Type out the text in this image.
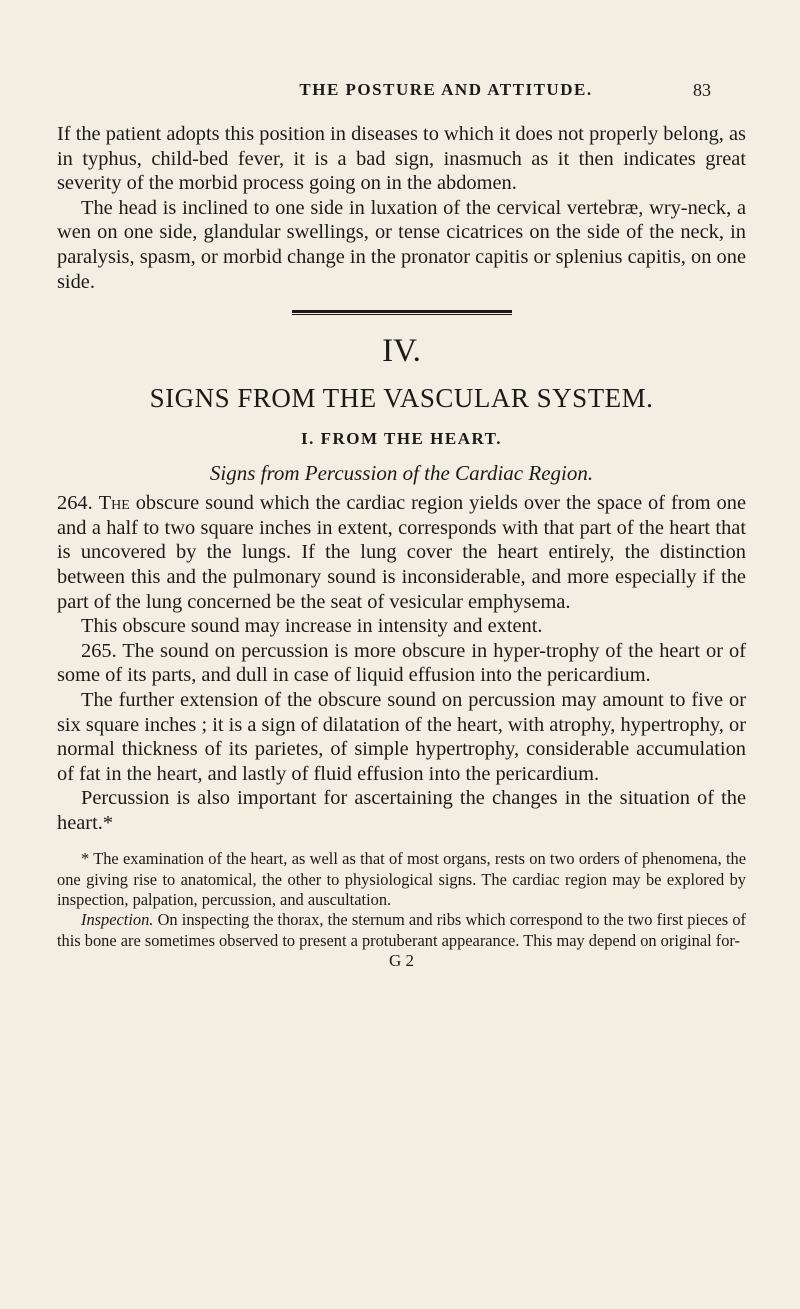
THE POSTURE AND ATTITUDE.	83

If the patient adopts this position in diseases to which it does not properly belong, as in typhus, child-bed fever, it is a bad sign, inasmuch as it then indicates great severity of the morbid process going on in the abdomen.

The head is inclined to one side in luxation of the cervical vertebræ, wry-neck, a wen on one side, glandular swellings, or tense cicatrices on the side of the neck, in paralysis, spasm, or morbid change in the pronator capitis or splenius capitis, on one side.

IV.
SIGNS FROM THE VASCULAR SYSTEM.
I. FROM THE HEART.
Signs from Percussion of the Cardiac Region.

264. The obscure sound which the cardiac region yields over the space of from one and a half to two square inches in extent, corresponds with that part of the heart that is uncovered by the lungs. If the lung cover the heart entirely, the distinction between this and the pulmonary sound is inconsiderable, and more especially if the part of the lung concerned be the seat of vesicular emphysema.

This obscure sound may increase in intensity and extent.

265. The sound on percussion is more obscure in hyper-trophy of the heart or of some of its parts, and dull in case of liquid effusion into the pericardium.

The further extension of the obscure sound on percussion may amount to five or six square inches ; it is a sign of dilatation of the heart, with atrophy, hypertrophy, or normal thickness of its parietes, of simple hypertrophy, considerable accumulation of fat in the heart, and lastly of fluid effusion into the pericardium.

Percussion is also important for ascertaining the changes in the situation of the heart.*

* The examination of the heart, as well as that of most organs, rests on two orders of phenomena, the one giving rise to anatomical, the other to physiological signs. The cardiac region may be explored by inspection, palpation, percussion, and auscultation.

Inspection. On inspecting the thorax, the sternum and ribs which correspond to the two first pieces of this bone are sometimes observed to present a protuberant appearance. This may depend on original for-

G 2
